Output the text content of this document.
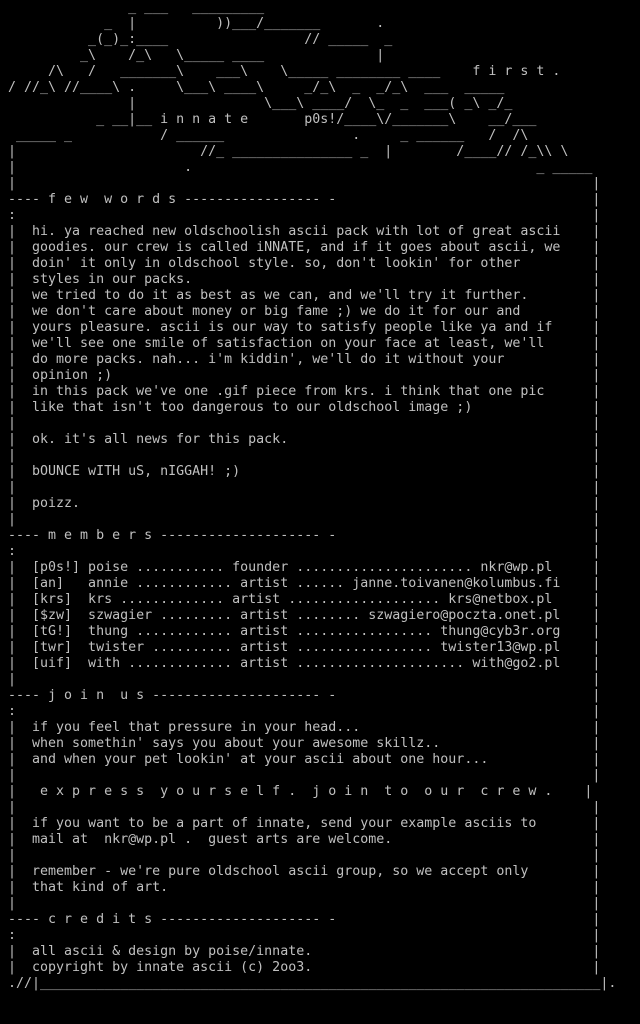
_ ___   _________
_  |          ))___/_______       .
_(_)_:____                 // _____  _
_\    /_\   \_____ ____              |
/\   /   _______\    ___\    \_____ ________ ____    f i r s t .
/ //_\ //____\ .     \___\ ____\     _/_\  _  _/_\  ___  _____
|                \___\ ____/  \_  _  ___( _\ _/_
_ __|__ i n n a t e       p0s!/____\/_______\    __/___
_____ _           / ______                .     _ ______   /  /\
|                       //_ _______________ _  |        /____// /_\\ \
|                     .                                           _ _____
|                                                                        |
---- f e w  w o r d s ----------------- -                                |
:                                                                        |
|  hi. ya reached new oldschoolish ascii pack with lot of great ascii    |
|  goodies. our crew is called iNNATE, and if it goes about ascii, we    |
|  doin' it only in oldschool style. so, don't lookin' for other         |
|  styles in our packs.                                                  |
|  we tried to do it as best as we can, and we'll try it further.        |
|  we don't care about money or big fame ;) we do it for our and         |
|  yours pleasure. ascii is our way to satisfy people like ya and if     |
|  we'll see one smile of satisfaction on your face at least, we'll      |
|  do more packs. nah... i'm kiddin', we'll do it without your           |
|  opinion ;)                                                            |
|  in this pack we've one .gif piece from krs. i think that one pic      |
|  like that isn't too dangerous to our oldschool image ;)               |
|                                                                        |
|  ok. it's all news for this pack.                                      |
|                                                                        |
|  bOUNCE wITH uS, nIGGAH! ;)                                            |
|                                                                        |
|  poizz.                                                                |
|                                                                        |
---- m e m b e r s -------------------- -                                |
:                                                                        |
|  [p0s!] poise ........... founder ...................... nkr@wp.pl     |
|  [an]   annie ............ artist ...... janne.toivanen@kolumbus.fi    |
|  [krs]  krs ............. artist ................... krs@netbox.pl     |
|  [$zw]  szwagier ......... artist ........ szwagiero@poczta.onet.pl    |
|  [tG!]  thung ............ artist ................. thung@cyb3r.org    |
|  [twr]  twister .......... artist ................. twister13@wp.pl    |
|  [uif]  with ............. artist ..................... with@go2.pl    |
|                                                                        |
---- j o i n  u s --------------------- -                                |
:                                                                        |
|  if you feel that pressure in your head...                             |
|  when somethin' says you about your awesome skillz..                   |
|  and when your pet lookin' at your ascii about one hour...             |
|                                                                        |
|   e x p r e s s  y o u r s e l f .  j o i n  t o  o u r  c r e w .    |
|                                                                        |
|  if you want to be a part of innate, send your example asciis to       |
|  mail at  nkr@wp.pl .  guest arts are welcome.                         |
|                                                                        |
|  remember - we're pure oldschool ascii group, so we accept only        |
|  that kind of art.                                                     |
|                                                                        |
---- c r e d i t s -------------------- -                                |
:                                                                        |
|  all ascii & design by poise/innate.                                   |
|  copyright by innate ascii (c) 2oo3.                                   |
.//|______________________________________________________________________|.
